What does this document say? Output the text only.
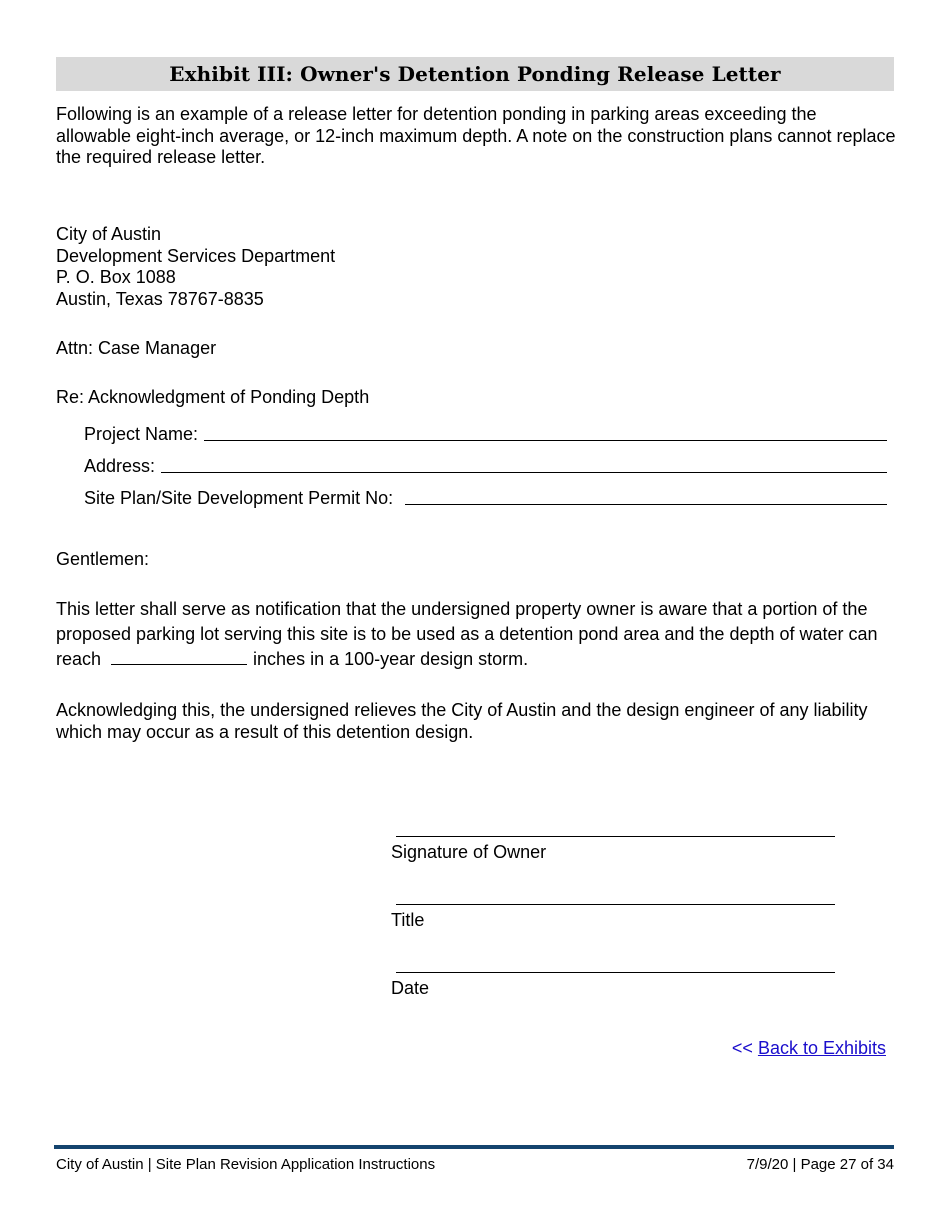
Exhibit III: Owner's Detention Ponding Release Letter

Following is an example of a release letter for detention ponding in parking areas exceeding the allowable eight-inch average, or 12-inch maximum depth. A note on the construction plans cannot replace the required release letter.

City of Austin
Development Services Department
P. O. Box 1088
Austin, Texas 78767-8835
Attn: Case Manager
Re: Acknowledgment of Ponding Depth
Project Name:
Address:
Site Plan/Site Development Permit No:
Gentlemen:

This letter shall serve as notification that the undersigned property owner is aware that a portion of the proposed parking lot serving this site is to be used as a detention pond area and the depth of water can reach	inches in a 100-year design storm.

Acknowledging this, the undersigned relieves the City of Austin and the design engineer of any liability which may occur as a result of this detention design.

Signature of Owner
Title
Date
<< Back to Exhibits
City of Austin | Site Plan Revision Application Instructions	7/9/20 | Page 27 of 34
